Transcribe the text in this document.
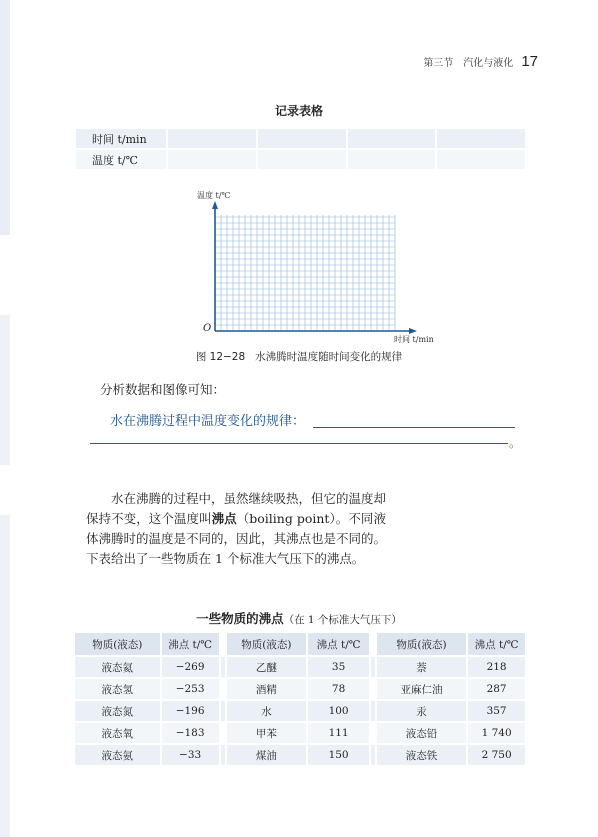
第三节　汽化与液化 17
记录表格
时间 t/min				
温度 t/℃				
温度 t/℃
O
时间 t/min
图 12−28 水沸腾时温度随时间变化的规律
分析数据和图像可知：
水在沸腾过程中温度变化的规律：
。

水在沸腾的过程中，虽然继续吸热，但它的温度却保持不变，这个温度叫沸点（boiling point）。不同液体沸腾时的温度是不同的，因此，其沸点也是不同的。下表给出了一些物质在 1 个标准大气压下的沸点。

一些物质的沸点（在 1 个标准大气压下）
物质(液态)	沸点 t/℃		物质(液态)	沸点 t/℃		物质(液态)	沸点 t/℃
液态氦	−269		乙醚	35		萘	218
液态氢	−253		酒精	78		亚麻仁油	287
液态氮	−196		水	100		汞	357
液态氧	−183		甲苯	111		液态铅	1 740
液态氨	−33		煤油	150		液态铁	2 750
